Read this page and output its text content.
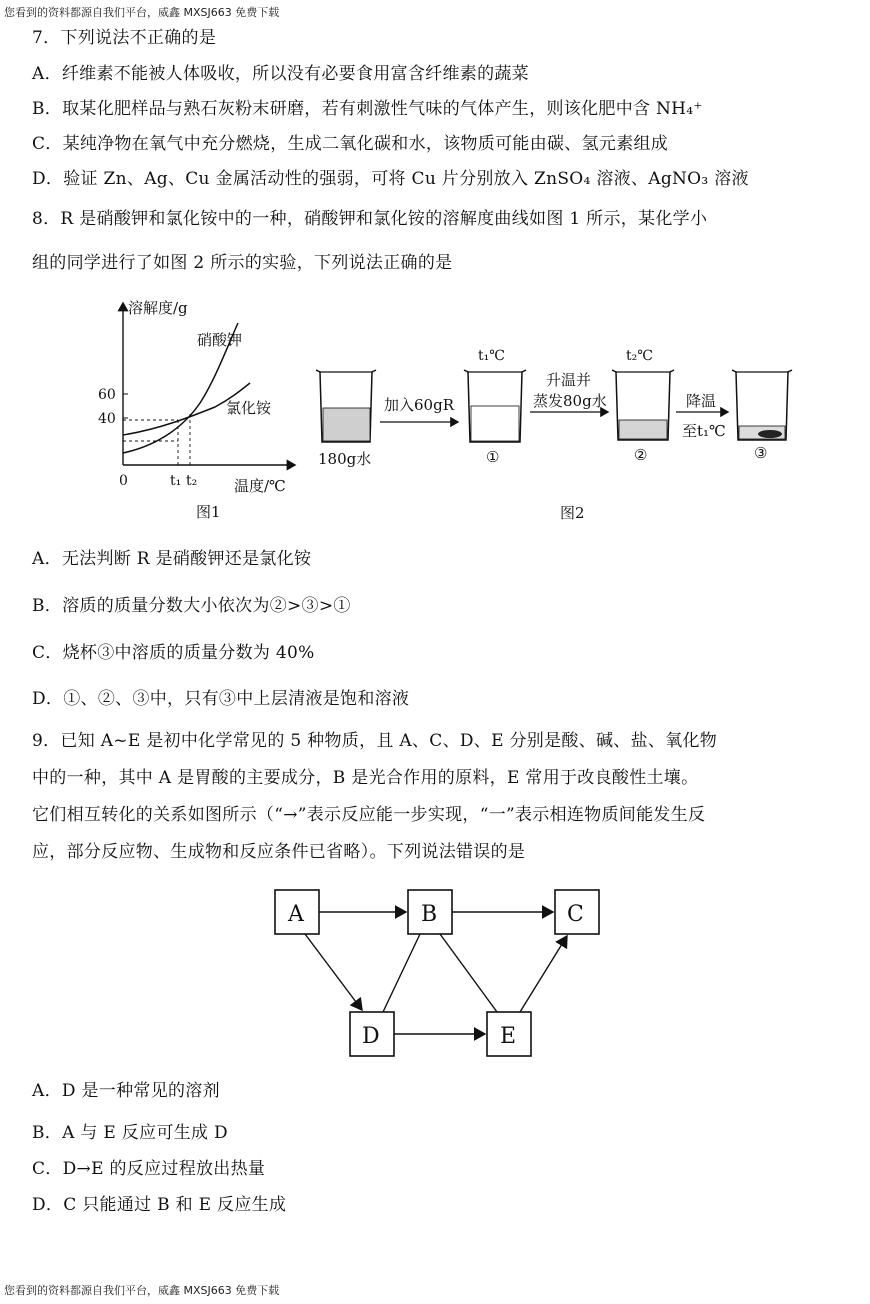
您看到的资料都源自我们平台，威鑫 MXSJ663 免费下载
7．下列说法不正确的是
A．纤维素不能被人体吸收，所以没有必要食用富含纤维素的蔬菜
B．取某化肥样品与熟石灰粉末研磨，若有刺激性气味的气体产生，则该化肥中含 NH₄⁺
C．某纯净物在氧气中充分燃烧，生成二氧化碳和水，该物质可能由碳、氢元素组成
D．验证 Zn、Ag、Cu 金属活动性的强弱，可将 Cu 片分别放入 ZnSO₄ 溶液、AgNO₃ 溶液
8．R 是硝酸钾和氯化铵中的一种，硝酸钾和氯化铵的溶解度曲线如图 1 所示，某化学小
组的同学进行了如图 2 所示的实验，下列说法正确的是
溶解度/g
温度/℃
0
60
40
硝酸钾
氯化铵
t₁ t₂
图1
180g水
加入60gR
t₁℃
①
升温并
蒸发80g水
t₂℃
②
降温
至t₁℃
③
图2
A．无法判断 R 是硝酸钾还是氯化铵
B．溶质的质量分数大小依次为②>③>①
C．烧杯③中溶质的质量分数为 40%
D．①、②、③中，只有③中上层清液是饱和溶液
9．已知 A~E 是初中化学常见的 5 种物质，且 A、C、D、E 分别是酸、碱、盐、氧化物
中的一种，其中 A 是胃酸的主要成分，B 是光合作用的原料，E 常用于改良酸性土壤。
它们相互转化的关系如图所示（“→”表示反应能一步实现，“一”表示相连物质间能发生反
应，部分反应物、生成物和反应条件已省略）。下列说法错误的是
A	B	C
D	E
A．D 是一种常见的溶剂
B．A 与 E 反应可生成 D
C．D→E 的反应过程放出热量
D．C 只能通过 B 和 E 反应生成
您看到的资料都源自我们平台，威鑫 MXSJ663 免费下载
